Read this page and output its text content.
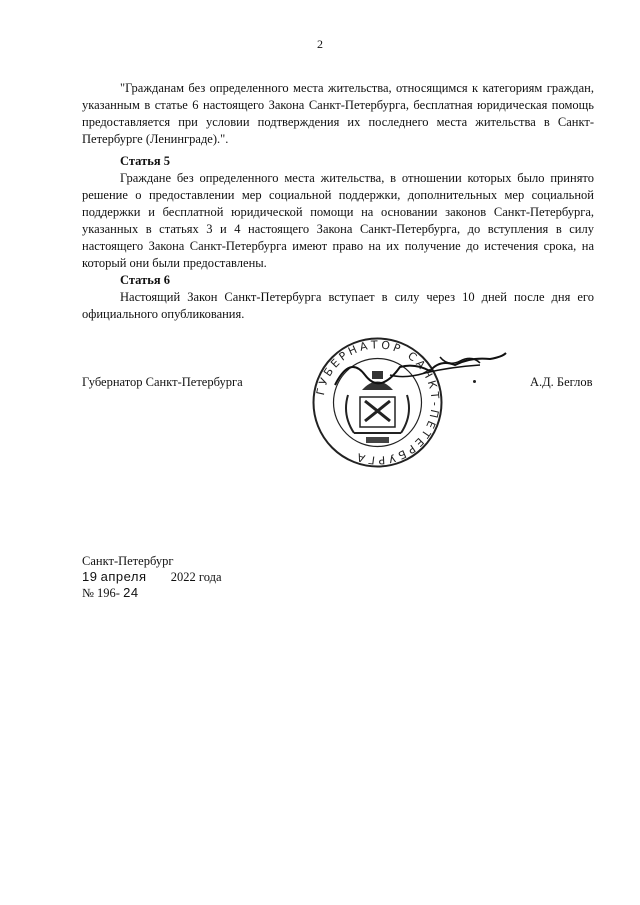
2

"Гражданам без определенного места жительства, относящимся к категориям граждан, указанным в статье 6 настоящего Закона Санкт-Петербурга, бесплатная юридическая помощь предоставляется при условии подтверждения их последнего места жительства в Санкт-Петербурге (Ленинграде).".

Статья 5

Граждане без определенного места жительства, в отношении которых было принято решение о предоставлении мер социальной поддержки, дополнительных мер социальной поддержки и бесплатной юридической помощи на основании законов Санкт-Петербурга, указанных в статьях 3 и 4 настоящего Закона Санкт-Петербурга, до вступления в силу настоящего Закона Санкт-Петербурга имеют право на их получение до истечения срока, на который они были предоставлены.

Статья 6

Настоящий Закон Санкт-Петербурга вступает в силу через 10 дней после дня его официального опубликования.

Губернатор Санкт-Петербурга
ГУБЕРНАТОР САНКТ-ПЕТЕРБУРГА
А.Д. Беглов
Санкт-Петербург
19 апреля 2022 года
№ 196- 24
